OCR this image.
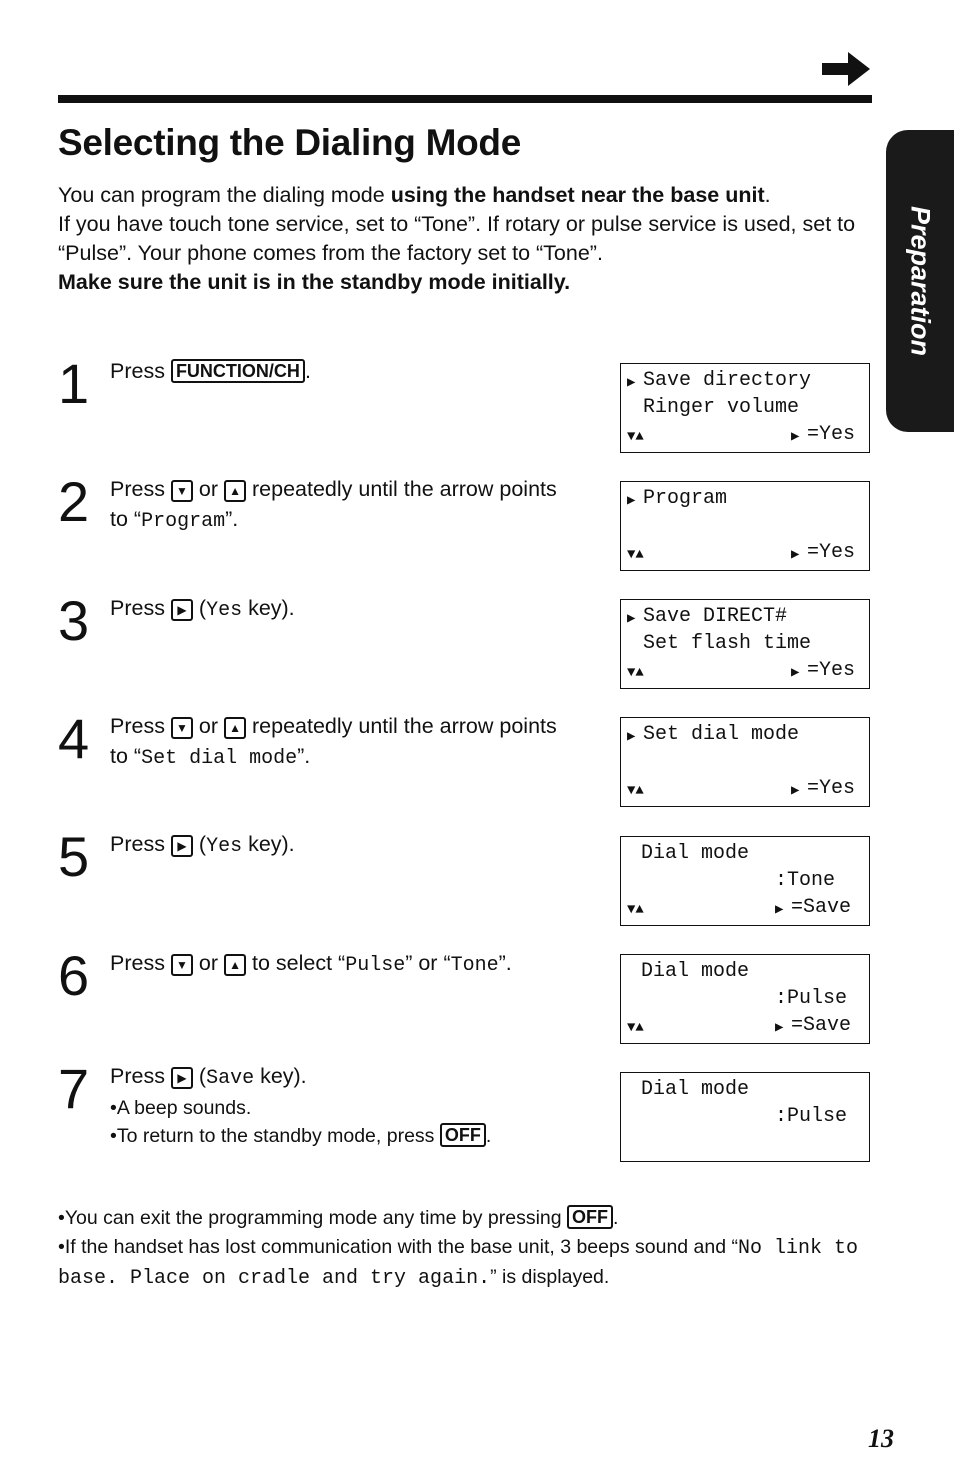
Selecting the Dialing Mode
Preparation

You can program the dialing mode using the handset near the base unit.

If you have touch tone service, set to “Tone”. If rotary or pulse service is used, set to “Pulse”. Your phone comes from the factory set to “Tone”.

Make sure the unit is in the standby mode initially.

1 Press FUNCTION/CH .
2 Press ▼ or ▲ repeatedly until the arrow points to “Program”.
3 Press ▶ (Yes key).
4 Press ▼ or ▲ repeatedly until the arrow points to “Set dial mode”.
5 Press ▶ (Yes key).
6 Press ▼ or ▲ to select “Pulse” or “Tone”.
7 Press ▶ (Save key).
•A beep sounds.
•To return to the standby mode, press OFF .
▶ Save directory
Ringer volume
▼▲	▶ =Yes
▶ Program
▼▲	▶ =Yes
▶ Save DIRECT#
Set flash time
▼▲	▶ =Yes
▶ Set dial mode
▼▲	▶ =Yes
Dial mode
:Tone
▼▲	▶ =Save
Dial mode
:Pulse
▼▲	▶ =Save
Dial mode
:Pulse

•You can exit the programming mode any time by pressing OFF .

•If the handset has lost communication with the base unit, 3 beeps sound and “No link to base. Place on cradle and try again.” is displayed.

13
